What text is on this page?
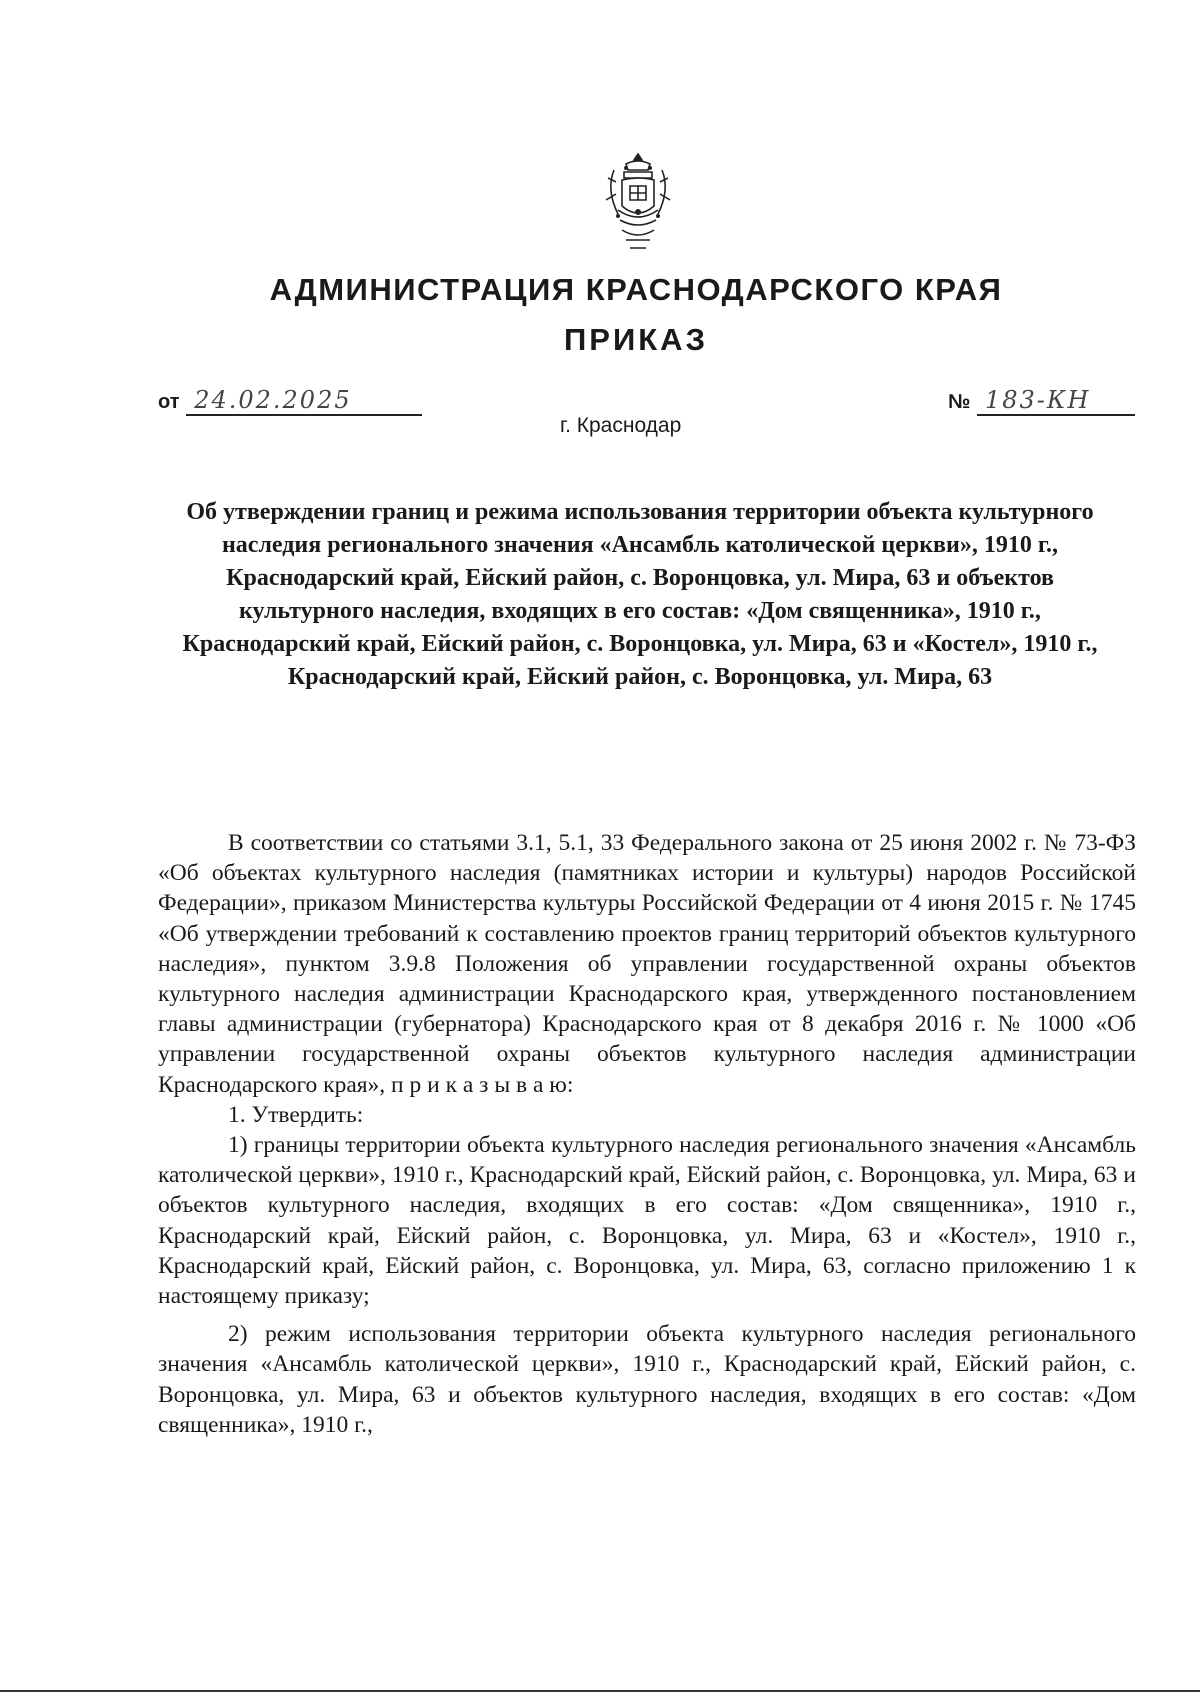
АДМИНИСТРАЦИЯ КРАСНОДАРСКОГО КРАЯ
ПРИКАЗ
от 24.02.2025	№ 183-КН
г. Краснодар
Об утверждении границ и режима использования территории объекта культурного наследия регионального значения «Ансамбль католической церкви», 1910 г., Краснодарский край, Ейский район, с. Воронцовка, ул. Мира, 63 и объектов культурного наследия, входящих в его состав: «Дом священника», 1910 г., Краснодарский край, Ейский район, с. Воронцовка, ул. Мира, 63 и «Костел», 1910 г., Краснодарский край, Ейский район, с. Воронцовка, ул. Мира, 63

В соответствии со статьями 3.1, 5.1, 33 Федерального закона от 25 июня 2002 г. № 73-ФЗ «Об объектах культурного наследия (памятниках истории и культуры) народов Российской Федерации», приказом Министерства культуры Российской Федерации от 4 июня 2015 г. № 1745 «Об утверждении требований к составлению проектов границ территорий объектов культурного наследия», пунктом 3.9.8 Положения об управлении государственной охраны объектов культурного наследия администрации Краснодарского края, утвержденного постановлением главы администрации (губернатора) Краснодарского края от 8 декабря 2016 г. № 1000 «Об управлении государственной охраны объектов культурного наследия администрации Краснодарского края», п р и к а з ы в а ю:

1. Утвердить:

1) границы территории объекта культурного наследия регионального значения «Ансамбль католической церкви», 1910 г., Краснодарский край, Ейский район, с. Воронцовка, ул. Мира, 63 и объектов культурного наследия, входящих в его состав: «Дом священника», 1910 г., Краснодарский край, Ейский район, с. Воронцовка, ул. Мира, 63 и «Костел», 1910 г., Краснодарский край, Ейский район, с. Воронцовка, ул. Мира, 63, согласно приложению 1 к настоящему приказу;

2) режим использования территории объекта культурного наследия регионального значения «Ансамбль католической церкви», 1910 г., Краснодарский край, Ейский район, с. Воронцовка, ул. Мира, 63 и объектов культурного наследия, входящих в его состав: «Дом священника», 1910 г.,
